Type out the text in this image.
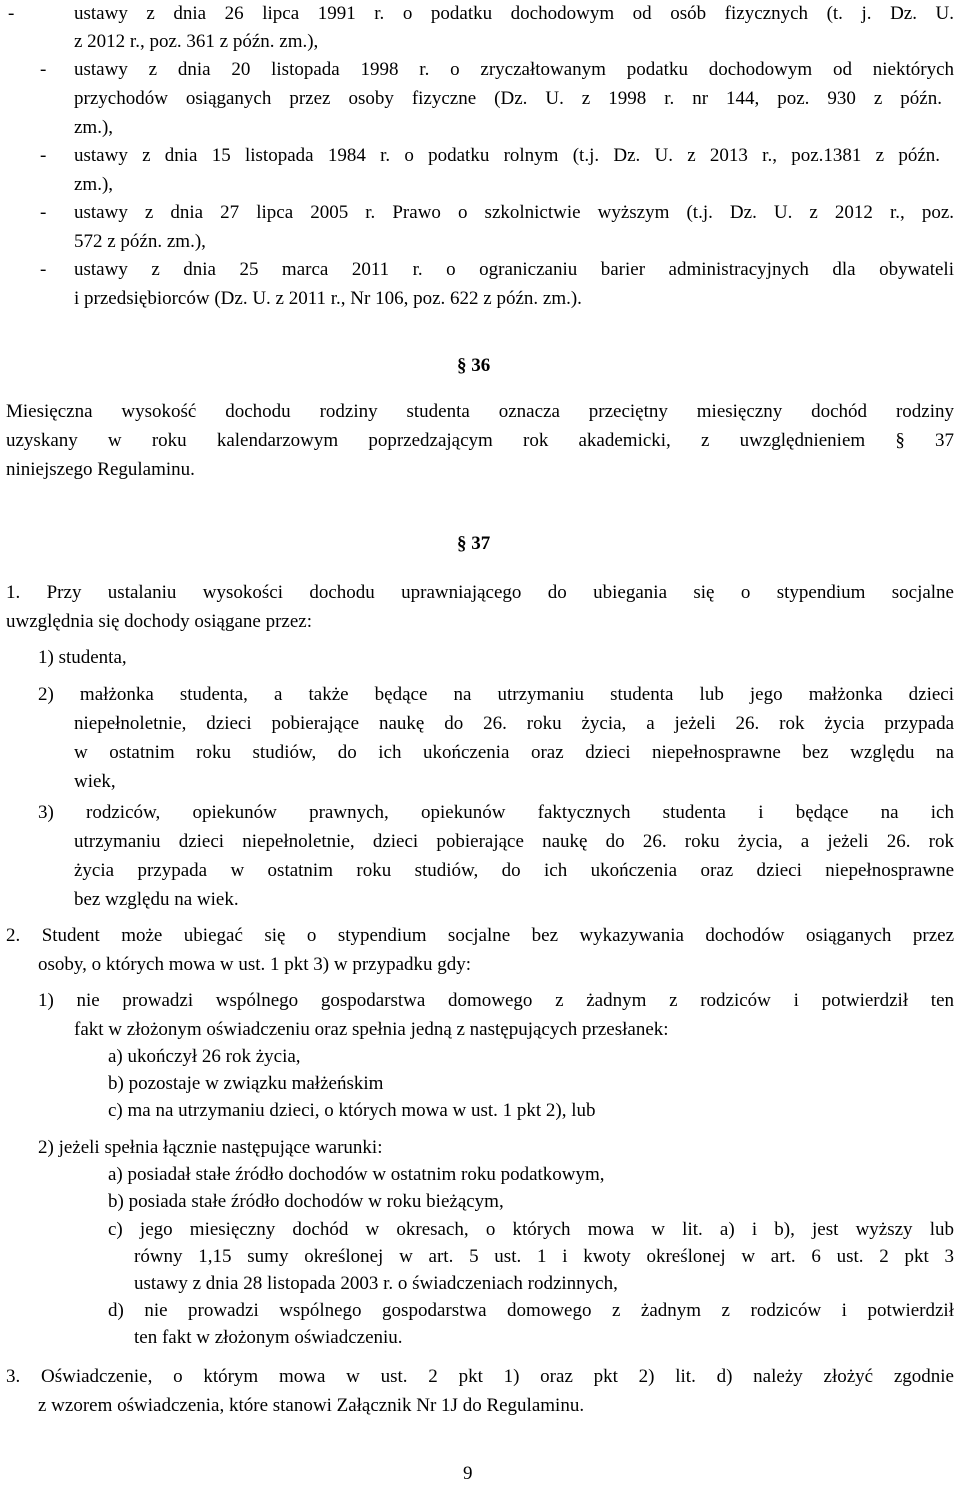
-	ustawy z dnia 26 lipca 1991 r. o podatku dochodowym od osób fizycznych (t. j. Dz. U.
z 2012 r., poz. 361 z późn. zm.),
- ustawy z dnia 20 listopada 1998 r. o zryczałtowanym podatku dochodowym od niektórych
przychodów osiąganych przez osoby fizyczne (Dz. U. z 1998 r. nr 144, poz. 930 z późn.
zm.),
- ustawy z dnia 15 listopada 1984 r. o podatku rolnym (t.j. Dz. U. z 2013 r., poz.1381 z późn.
zm.),
- ustawy z dnia 27 lipca 2005 r. Prawo o szkolnictwie wyższym (t.j. Dz. U. z 2012 r., poz.
572 z późn. zm.),
- ustawy z dnia 25 marca 2011 r. o ograniczaniu barier administracyjnych dla obywateli
i przedsiębiorców (Dz. U. z 2011 r., Nr 106, poz. 622 z późn. zm.).
§ 36
Miesięczna wysokość dochodu rodziny studenta oznacza przeciętny miesięczny dochód rodziny
uzyskany w roku kalendarzowym poprzedzającym rok akademicki, z uwzględnieniem § 37
niniejszego Regulaminu.
§ 37
1. Przy ustalaniu wysokości dochodu uprawniającego do ubiegania się o stypendium socjalne
uwzględnia się dochody osiągane przez:
1) studenta,
2) małżonka studenta, a także będące na utrzymaniu studenta lub jego małżonka dzieci
niepełnoletnie, dzieci pobierające naukę do 26. roku życia, a jeżeli 26. rok życia przypada
w ostatnim roku studiów, do ich ukończenia oraz dzieci niepełnosprawne bez względu na
wiek,
3) rodziców, opiekunów prawnych, opiekunów faktycznych studenta i będące na ich
utrzymaniu dzieci niepełnoletnie, dzieci pobierające naukę do 26. roku życia, a jeżeli 26. rok
życia przypada w ostatnim roku studiów, do ich ukończenia oraz dzieci niepełnosprawne
bez względu na wiek.
2. Student może ubiegać się o stypendium socjalne bez wykazywania dochodów osiąganych przez
osoby, o których mowa w ust. 1 pkt 3) w przypadku gdy:
1) nie prowadzi wspólnego gospodarstwa domowego z żadnym z rodziców i potwierdził ten
fakt w złożonym oświadczeniu oraz spełnia jedną z następujących przesłanek:
a) ukończył 26 rok życia,
b) pozostaje w związku małżeńskim
c) ma na utrzymaniu dzieci, o których mowa w ust. 1 pkt 2), lub
2) jeżeli spełnia łącznie następujące warunki:
a) posiadał stałe źródło dochodów w ostatnim roku podatkowym,
b) posiada stałe źródło dochodów w roku bieżącym,
c) jego miesięczny dochód w okresach, o których mowa w lit. a) i b), jest wyższy lub
równy 1,15 sumy określonej w art. 5 ust. 1 i kwoty określonej w art. 6 ust. 2 pkt 3
ustawy z dnia 28 listopada 2003 r. o świadczeniach rodzinnych,
d) nie prowadzi wspólnego gospodarstwa domowego z żadnym z rodziców i potwierdził
ten fakt w złożonym oświadczeniu.
3. Oświadczenie, o którym mowa w ust. 2 pkt 1) oraz pkt 2) lit. d) należy złożyć zgodnie
z wzorem oświadczenia, które stanowi Załącznik Nr 1J do Regulaminu.
9
